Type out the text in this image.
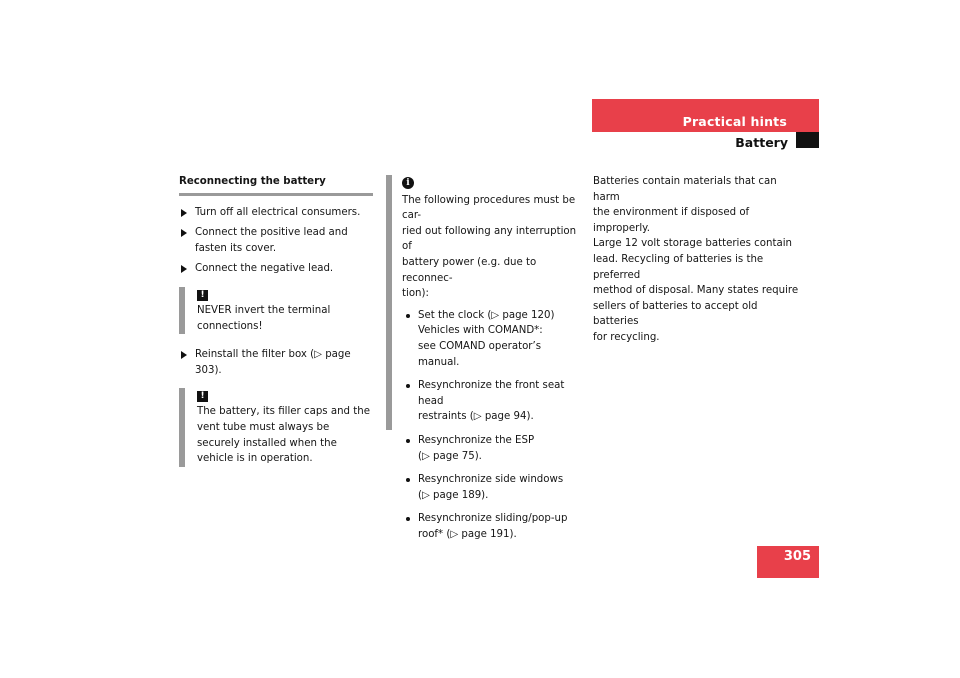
Practical hints
Battery

Reconnecting the battery

Turn off all electrical consumers.

Connect the positive lead and fasten its cover.

Connect the negative lead.

!
NEVER invert the terminal connections!

Reinstall the filter box (▷ page 303).

!
The battery, its filler caps and the vent tube must always be securely installed when the vehicle is in operation.
i
The following procedures must be car-
ried out following any interruption of
battery power (e.g. due to reconnec-
tion):
Set the clock (▷ page 120)
Vehicles with COMAND*:
see COMAND operator’s manual.
Resynchronize the front seat head
restraints (▷ page 94).
Resynchronize the ESP
(▷ page 75).
Resynchronize side windows
(▷ page 189).
Resynchronize sliding/pop-up
roof* (▷ page 191).
Batteries contain materials that can harm
the environment if disposed of improperly.
Large 12 volt storage batteries contain
lead. Recycling of batteries is the preferred
method of disposal. Many states require
sellers of batteries to accept old batteries
for recycling.
305
